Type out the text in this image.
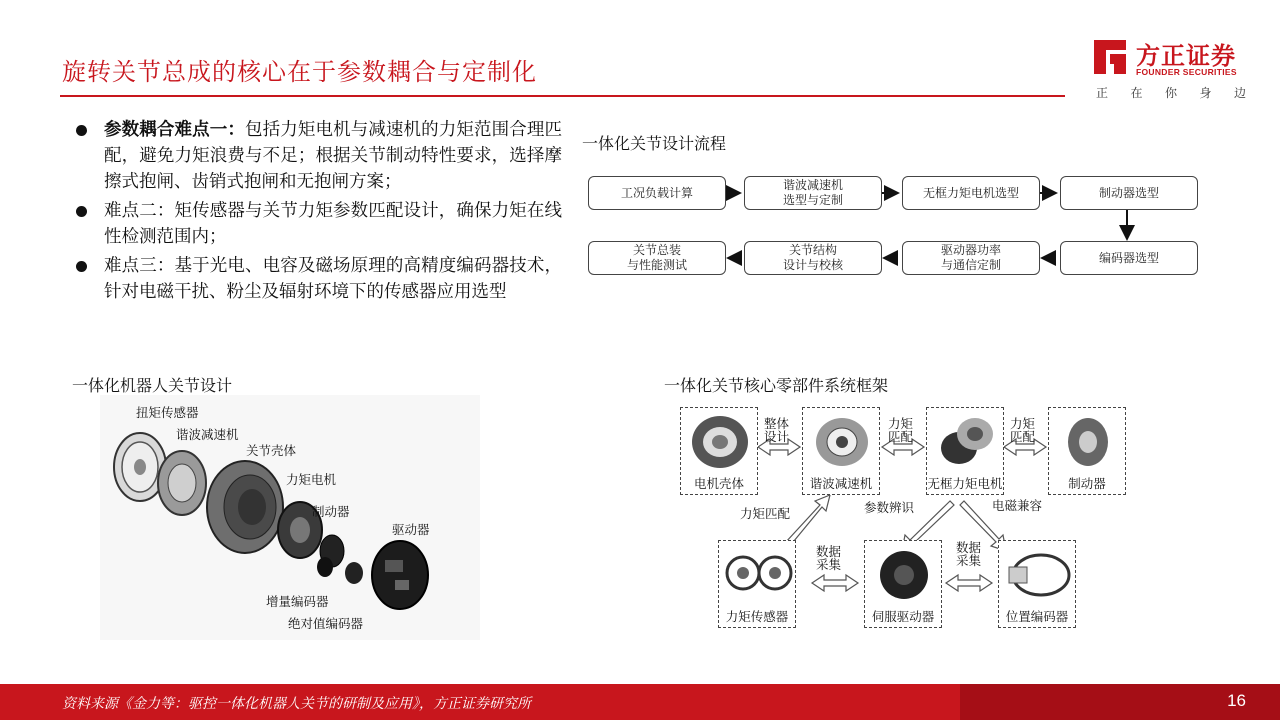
旋转关节总成的核心在于参数耦合与定制化
方正证券
FOUNDER SECURITIES
正 在 你 身 边
参数耦合难点一：包括力矩电机与减速机的力矩范围合理匹配，避免力矩浪费与不足；根据关节制动特性要求，选择摩擦式抱闸、齿销式抱闸和无抱闸方案；
难点二：矩传感器与关节力矩参数匹配设计，确保力矩在线性检测范围内；
难点三：基于光电、电容及磁场原理的高精度编码器技术，针对电磁干扰、粉尘及辐射环境下的传感器应用选型
一体化关节设计流程
工况负载计算
谐波减速机
选型与定制
无框力矩电机选型	制动器选型
关节总装
与性能测试
关节结构
设计与校核
驱动器功率
与通信定制
编码器选型
一体化机器人关节设计
扭矩传感器
谐波减速机
关节壳体
力矩电机
制动器
驱动器
增量编码器
绝对值编码器
一体化关节核心零部件系统框架
电机壳体	谐波减速机	无框力矩电机	制动器
力矩传感器	伺服驱动器	位置编码器
整体
设计
力矩
匹配
力矩
匹配
力矩匹配	参数辨识	电磁兼容
数据
采集
数据
采集
资料来源《金力等：驱控一体化机器人关节的研制及应用》，方正证券研究所	16
